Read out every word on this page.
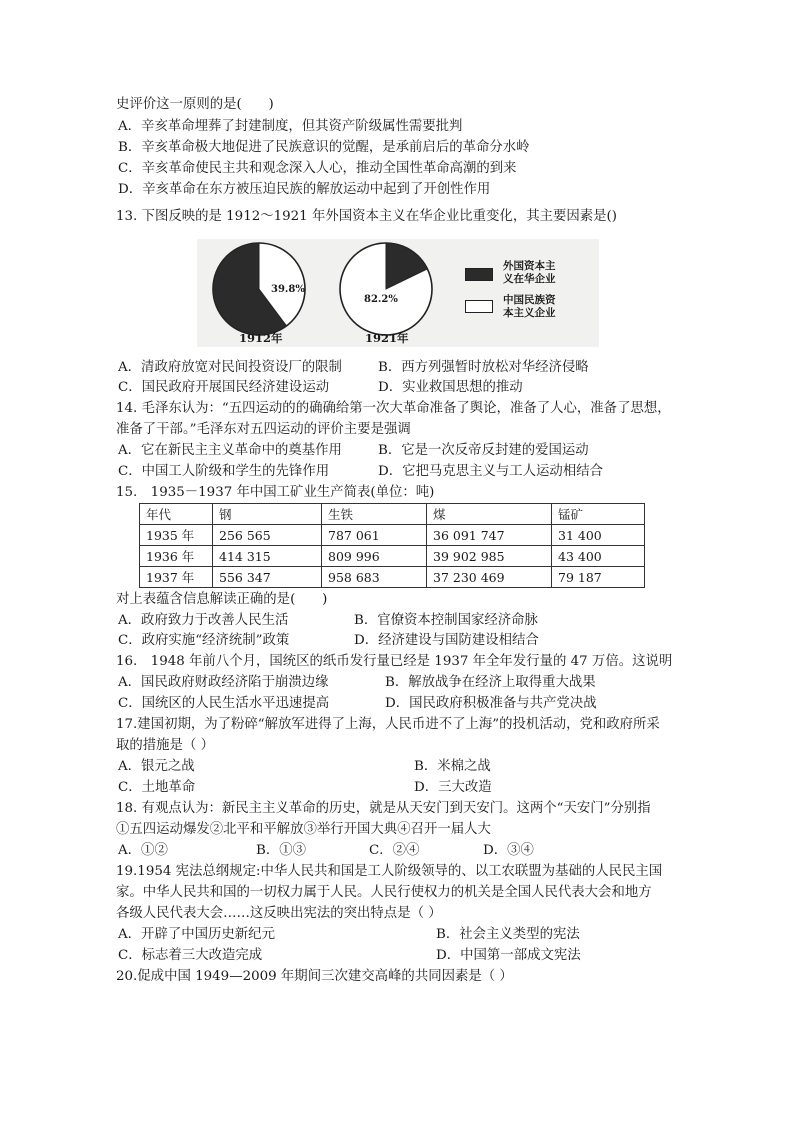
史评价这一原则的是(　　)
A．辛亥革命埋葬了封建制度，但其资产阶级属性需要批判
B．辛亥革命极大地促进了民族意识的觉醒，是承前启后的革命分水岭
C．辛亥革命使民主共和观念深入人心，推动全国性革命高潮的到来
D．辛亥革命在东方被压迫民族的解放运动中起到了开创性作用
13. 下图反映的是 1912～1921 年外国资本主义在华企业比重变化，其主要因素是()
39.8%
82.2%
1912年	1921年
外国资本主
义在华企业
中国民族资
本主义企业
A．清政府放宽对民间投资设厂的限制	B．西方列强暂时放松对华经济侵略
C．国民政府开展国民经济建设运动	D．实业救国思想的推动
14. 毛泽东认为：“五四运动的的确确给第一次大革命准备了舆论，准备了人心，准备了思想，
准备了干部。”毛泽东对五四运动的评价主要是强调
A．它在新民主主义革命中的奠基作用	B．它是一次反帝反封建的爱国运动
C．中国工人阶级和学生的先锋作用	D．它把马克思主义与工人运动相结合
15.　1935－1937 年中国工矿业生产简表(单位：吨)
年代	钢	生铁	煤	锰矿
1935 年	256 565	787 061	36 091 747	31 400
1936 年	414 315	809 996	39 902 985	43 400
1937 年	556 347	958 683	37 230 469	79 187
对上表蕴含信息解读正确的是(　　)
A．政府致力于改善人民生活	B．官僚资本控制国家经济命脉
C．政府实施“经济统制”政策	D．经济建设与国防建设相结合
16.　1948 年前八个月，国统区的纸币发行量已经是 1937 年全年发行量的 47 万倍。这说明
A．国民政府财政经济陷于崩溃边缘	B．解放战争在经济上取得重大战果
C．国统区的人民生活水平迅速提高	D．国民政府积极准备与共产党决战
17.建国初期，为了粉碎“解放军进得了上海，人民币进不了上海”的投机活动，党和政府所采
取的措施是（ ）
A．银元之战	B．米棉之战
C．土地革命	D．三大改造
18. 有观点认为：新民主主义革命的历史，就是从天安门到天安门。这两个“天安门”分别指
①五四运动爆发②北平和平解放③举行开国大典④召开一届人大
A．①②	B．①③	C．②④	D．③④
19.1954 宪法总纲规定:中华人民共和国是工人阶级领导的、以工农联盟为基础的人民民主国
家。中华人民共和国的一切权力属于人民。人民行使权力的机关是全国人民代表大会和地方
各级人民代表大会……这反映出宪法的突出特点是（ ）
A．开辟了中国历史新纪元	B．社会主义类型的宪法
C．标志着三大改造完成	D．中国第一部成文宪法
20.促成中国 1949—2009 年期间三次建交高峰的共同因素是（ ）
